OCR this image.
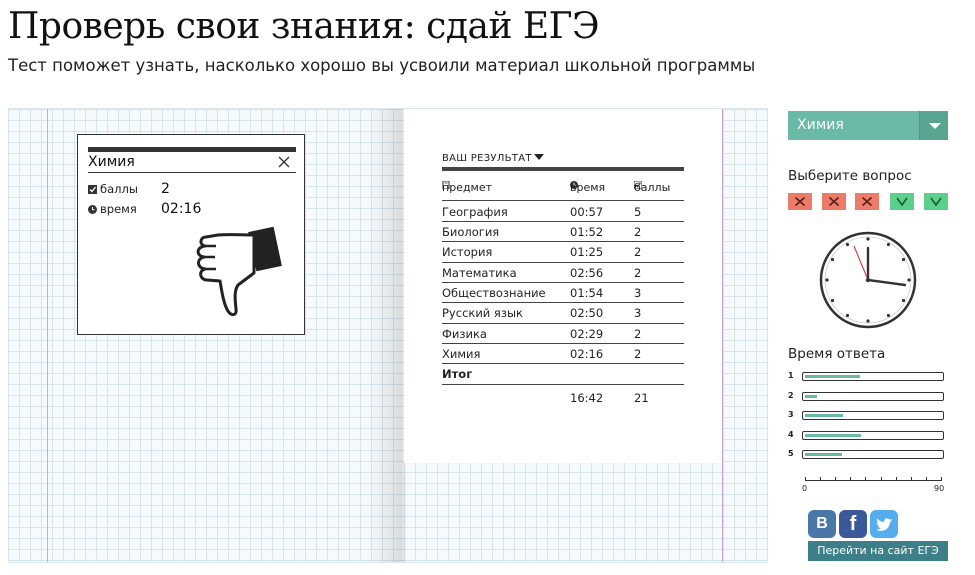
Проверь свои знания: сдай ЕГЭ
Тест поможет узнать, насколько хорошо вы усвоили материал школьной программы
Химия
баллы	2
время	02:16
ВАШ РЕЗУЛЬТАТ
предмет	время	баллы
География	00:57	5
Биология	01:52	2
История	01:25	2
Математика	02:56	2
Обществознание 01:54	3
Русский язык	02:50	3
Физика	02:29	2
Химия	02:16	2
Итог
16:42	21
Химия
Выберите вопрос
Время ответа
1
2
3
4
5
0	90
В	f
Перейти на сайт ЕГЭ
